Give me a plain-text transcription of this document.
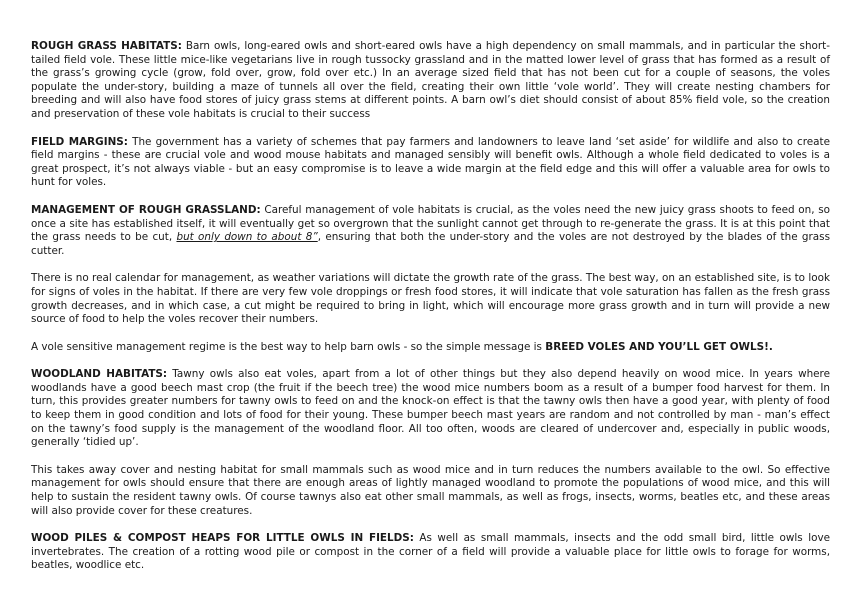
ROUGH GRASS HABITATS: Barn owls, long-eared owls and short-eared owls have a high dependency on small mammals, and in particular the short-tailed field vole. These little mice-like vegetarians live in rough tussocky grassland and in the matted lower level of grass that has formed as a result of the grass’s growing cycle (grow, fold over, grow, fold over etc.) In an average sized field that has not been cut for a couple of seasons, the voles populate the under-story, building a maze of tunnels all over the field, creating their own little ‘vole world’. They will create nesting chambers for breeding and will also have food stores of juicy grass stems at different points. A barn owl’s diet should consist of about 85% field vole, so the creation and preservation of these vole habitats is crucial to their success

FIELD MARGINS: The government has a variety of schemes that pay farmers and landowners to leave land ‘set aside’ for wildlife and also to create field margins - these are crucial vole and wood mouse habitats and managed sensibly will benefit owls. Although a whole field dedicated to voles is a great prospect, it’s not always viable - but an easy compromise is to leave a wide margin at the field edge and this will offer a valuable area for owls to hunt for voles.

MANAGEMENT OF ROUGH GRASSLAND: Careful management of vole habitats is crucial, as the voles need the new juicy grass shoots to feed on, so once a site has established itself, it will eventually get so overgrown that the sunlight cannot get through to re-generate the grass. It is at this point that the grass needs to be cut, but only down to about 8”, ensuring that both the under-story and the voles are not destroyed by the blades of the grass cutter.

There is no real calendar for management, as weather variations will dictate the growth rate of the grass. The best way, on an established site, is to look for signs of voles in the habitat. If there are very few vole droppings or fresh food stores, it will indicate that vole saturation has fallen as the fresh grass growth decreases, and in which case, a cut might be required to bring in light, which will encourage more grass growth and in turn will provide a new source of food to help the voles recover their numbers.

A vole sensitive management regime is the best way to help barn owls - so the simple message is BREED VOLES AND YOU’LL GET OWLS!.

WOODLAND HABITATS: Tawny owls also eat voles, apart from a lot of other things but they also depend heavily on wood mice. In years where woodlands have a good beech mast crop (the fruit if the beech tree) the wood mice numbers boom as a result of a bumper food harvest for them. In turn, this provides greater numbers for tawny owls to feed on and the knock-on effect is that the tawny owls then have a good year, with plenty of food to keep them in good condition and lots of food for their young. These bumper beech mast years are random and not controlled by man - man’s effect on the tawny’s food supply is the management of the woodland floor. All too often, woods are cleared of undercover and, especially in public woods, generally ‘tidied up’.

This takes away cover and nesting habitat for small mammals such as wood mice and in turn reduces the numbers available to the owl. So effective management for owls should ensure that there are enough areas of lightly managed woodland to promote the populations of wood mice, and this will help to sustain the resident tawny owls. Of course tawnys also eat other small mammals, as well as frogs, insects, worms, beatles etc, and these areas will also provide cover for these creatures.

WOOD PILES & COMPOST HEAPS FOR LITTLE OWLS IN FIELDS: As well as small mammals, insects and the odd small bird, little owls love invertebrates. The creation of a rotting wood pile or compost in the corner of a field will provide a valuable place for little owls to forage for worms, beatles, woodlice etc.
